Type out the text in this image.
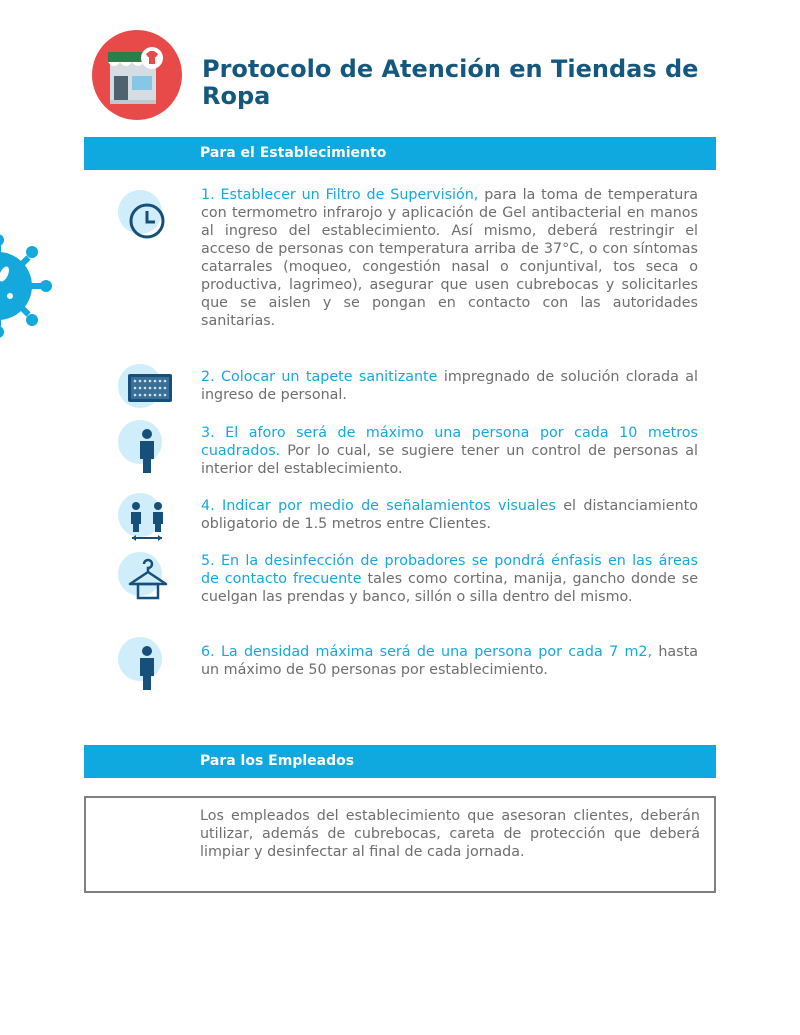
Protocolo de Atención en Tiendas de Ropa
Para el Establecimiento

1. Establecer un Filtro de Supervisión, para la toma de temperatura con termometro infrarojo y aplicación de Gel antibacterial en manos al ingreso del establecimiento. Así mismo, deberá restringir el acceso de personas con temperatura arriba de 37°C, o con síntomas catarrales (moqueo, congestión nasal o conjuntival, tos seca o productiva, lagrimeo), asegurar que usen cubrebocas y solicitarles que se aislen y se pongan en contacto con las autoridades sanitarias.

2. Colocar un tapete sanitizante impregnado de solución clorada al ingreso de personal.

3. El aforo será de máximo una persona por cada 10 metros cuadrados. Por lo cual, se sugiere tener un control de personas al interior del establecimiento.

4. Indicar por medio de señalamientos visuales el distanciamiento obligatorio de 1.5 metros entre Clientes.

5. En la desinfección de probadores se pondrá énfasis en las áreas de contacto frecuente tales como cortina, manija, gancho donde se cuelgan las prendas y banco, sillón o silla dentro del mismo.

6. La densidad máxima será de una persona por cada 7 m2, hasta un máximo de 50 personas por establecimiento.

Para los Empleados

Los empleados del establecimiento que asesoran clientes, deberán utilizar, además de cubrebocas, careta de protección que deberá limpiar y desinfectar al final de cada jornada.
